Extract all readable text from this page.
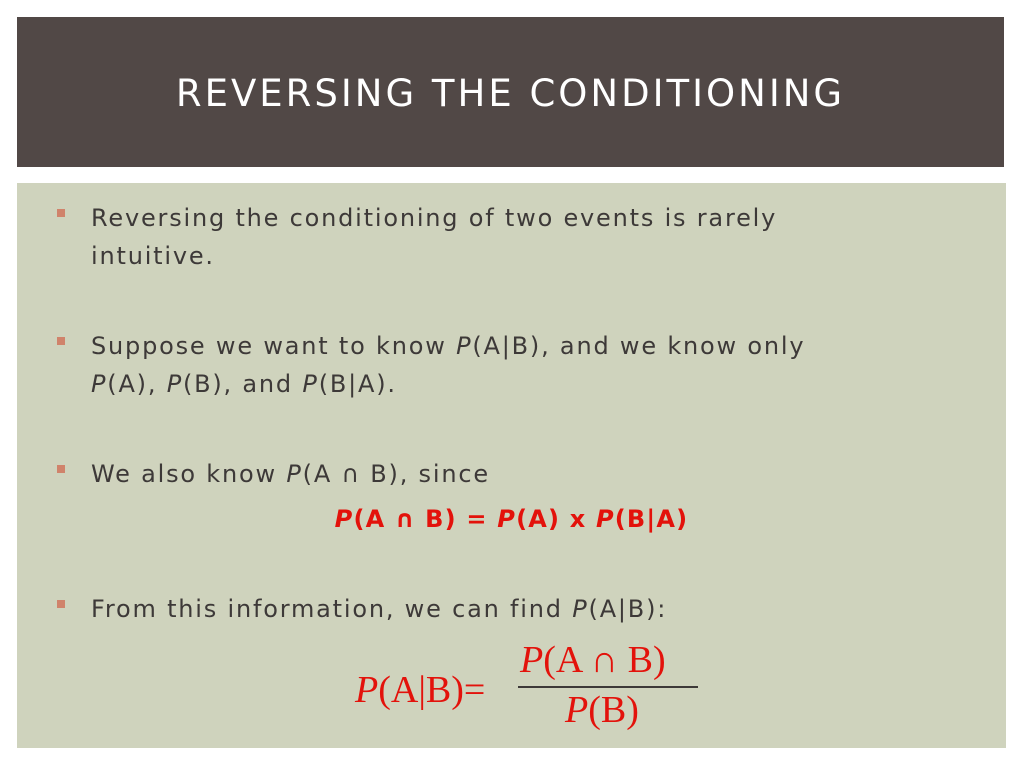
REVERSING THE CONDITIONING
Reversing the conditioning of two events is rarely
intuitive.
Suppose we want to know P(A|B), and we know only
P(A), P(B), and P(B|A).
We also know P(A ∩ B), since
P(A ∩ B) = P(A) x P(B|A)
From this information, we can find P(A|B):
P(A|B)=
P(A ∩ B)
P(B)
